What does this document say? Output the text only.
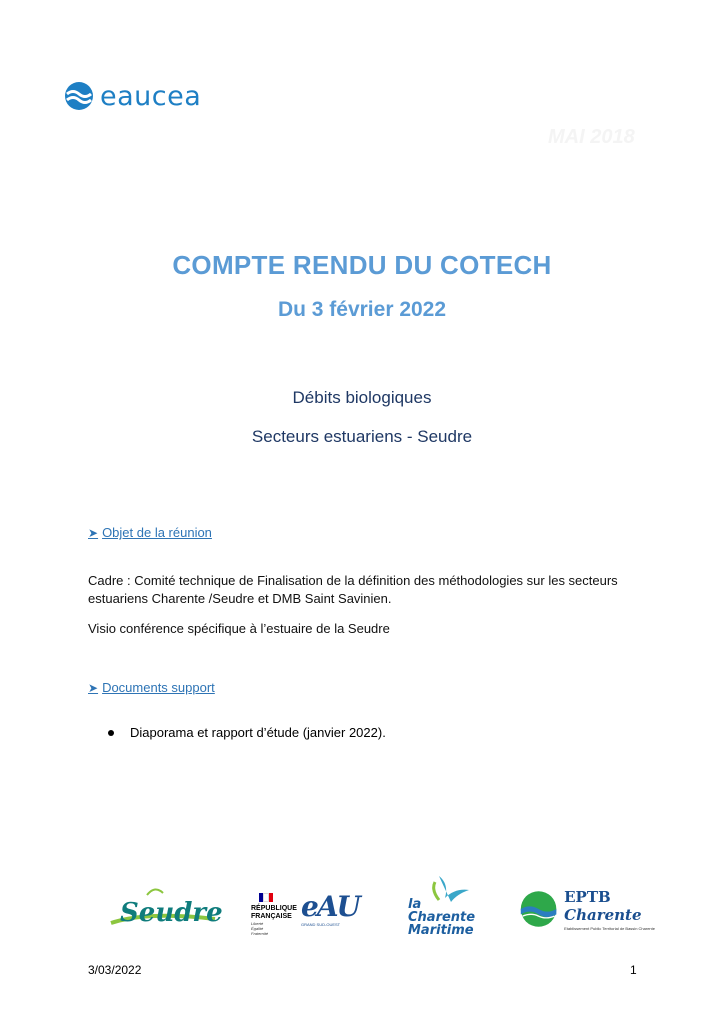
eaucea
MAI 2018
COMPTE RENDU DU COTECH
Du 3 février 2022
Débits biologiques
Secteurs estuariens - Seudre
➤ Objet de la réunion
Cadre : Comité technique de Finalisation de la définition des méthodologies sur les secteurs estuariens Charente /Seudre et DMB Saint Savinien.
Visio conférence spécifique à l’estuaire de la Seudre
➤ Documents support
Diaporama et rapport d’étude (janvier 2022).
Seudre	RÉPUBLIQUE
FRANÇAISE
Liberté
Égalité
Fraternité
eAU
GRAND SUD-OUEST
la
Charente
Maritime
EPTB Charente
Etablissement Public Territorial de Bassin Charente
3/03/2022	1
